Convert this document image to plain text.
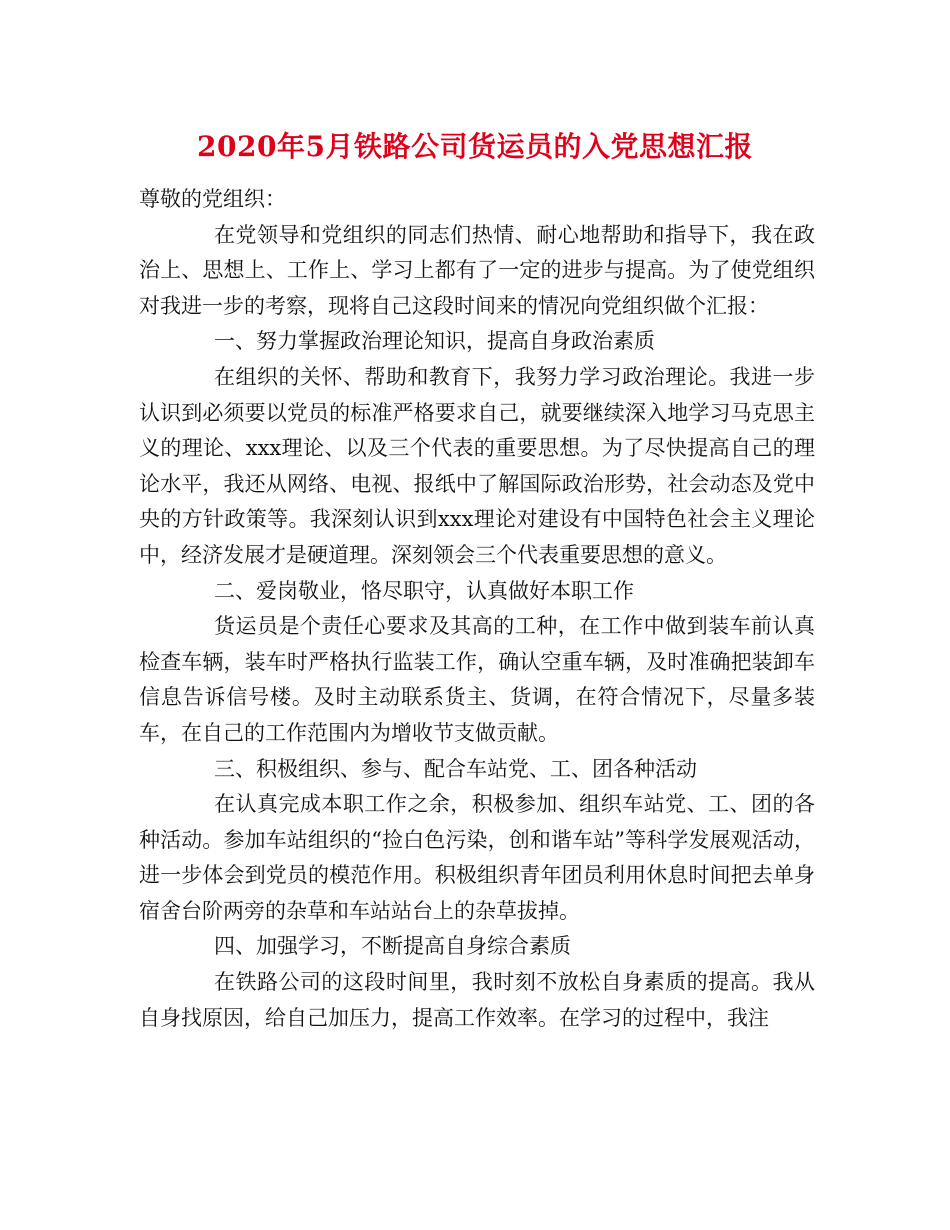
2020年5月铁路公司货运员的入党思想汇报

尊敬的党组织：

在党领导和党组织的同志们热情、耐心地帮助和指导下，我在政治上、思想上、工作上、学习上都有了一定的进步与提高。为了使党组织对我进一步的考察，现将自己这段时间来的情况向党组织做个汇报：

一、努力掌握政治理论知识，提高自身政治素质

在组织的关怀、帮助和教育下，我努力学习政治理论。我进一步认识到必须要以党员的标准严格要求自己，就要继续深入地学习马克思主义的理论、xxx理论、以及三个代表的重要思想。为了尽快提高自己的理论水平，我还从网络、电视、报纸中了解国际政治形势，社会动态及党中央的方针政策等。我深刻认识到xxx理论对建设有中国特色社会主义理论中，经济发展才是硬道理。深刻领会三个代表重要思想的意义。

二、爱岗敬业，恪尽职守，认真做好本职工作

货运员是个责任心要求及其高的工种，在工作中做到装车前认真检查车辆，装车时严格执行监装工作，确认空重车辆，及时准确把装卸车信息告诉信号楼。及时主动联系货主、货调，在符合情况下，尽量多装车，在自己的工作范围内为增收节支做贡献。

三、积极组织、参与、配合车站党、工、团各种活动

在认真完成本职工作之余，积极参加、组织车站党、工、团的各种活动。参加车站组织的“捡白色污染，创和谐车站”等科学发展观活动，进一步体会到党员的模范作用。积极组织青年团员利用休息时间把去单身宿舍台阶两旁的杂草和车站站台上的杂草拔掉。

四、加强学习，不断提高自身综合素质

在铁路公司的这段时间里，我时刻不放松自身素质的提高。我从自身找原因，给自己加压力，提高工作效率。在学习的过程中，我注
